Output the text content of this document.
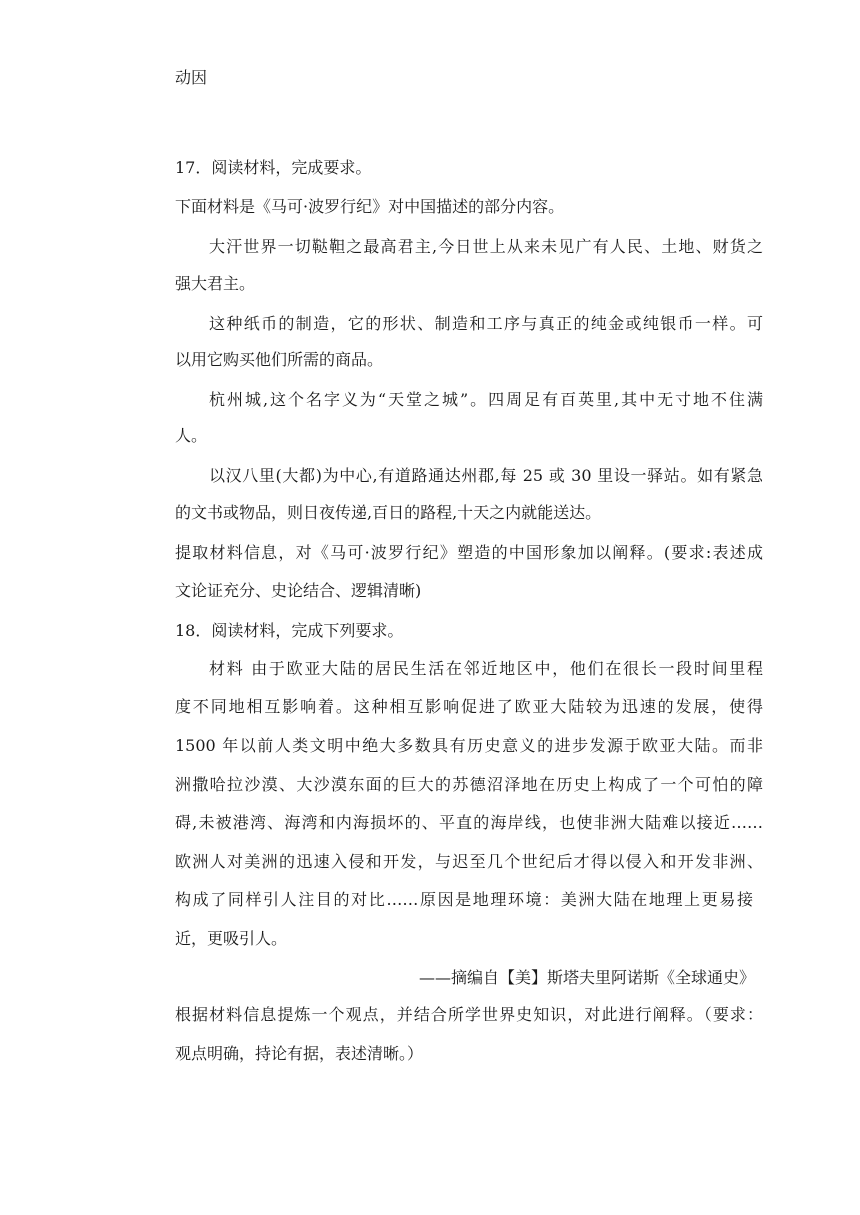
动因
17．阅读材料，完成要求。
下面材料是《马可·波罗行纪》对中国描述的部分内容。
大汗世界一切鞑靼之最高君主,今日世上从来未见广有人民、土地、财货之
强大君主。
这种纸币的制造，它的形状、制造和工序与真正的纯金或纯银币一样。可
以用它购买他们所需的商品。
杭州城,这个名字义为“天堂之城”。四周足有百英里,其中无寸地不住满
人。
以汉八里(大都)为中心,有道路通达州郡,每 25 或 30 里设一驿站。如有紧急
的文书或物品，则日夜传递,百日的路程,十天之内就能送达。
提取材料信息，对《马可·波罗行纪》塑造的中国形象加以阐释。(要求:表述成
文论证充分、史论结合、逻辑清晰)
18．阅读材料，完成下列要求。
材料 由于欧亚大陆的居民生活在邻近地区中，他们在很长一段时间里程
度不同地相互影响着。这种相互影响促进了欧亚大陆较为迅速的发展，使得
1500 年以前人类文明中绝大多数具有历史意义的进步发源于欧亚大陆。而非
洲撒哈拉沙漠、大沙漠东面的巨大的苏德沼泽地在历史上构成了一个可怕的障
碍,未被港湾、海湾和内海损坏的、平直的海岸线，也使非洲大陆难以接近……
欧洲人对美洲的迅速入侵和开发，与迟至几个世纪后才得以侵入和开发非洲、
构成了同样引人注目的对比……原因是地理环境：美洲大陆在地理上更易接
近，更吸引人。
——摘编自【美】斯塔夫里阿诺斯《全球通史》
根据材料信息提炼一个观点，并结合所学世界史知识，对此进行阐释。（要求：
观点明确，持论有据，表述清晰。）
